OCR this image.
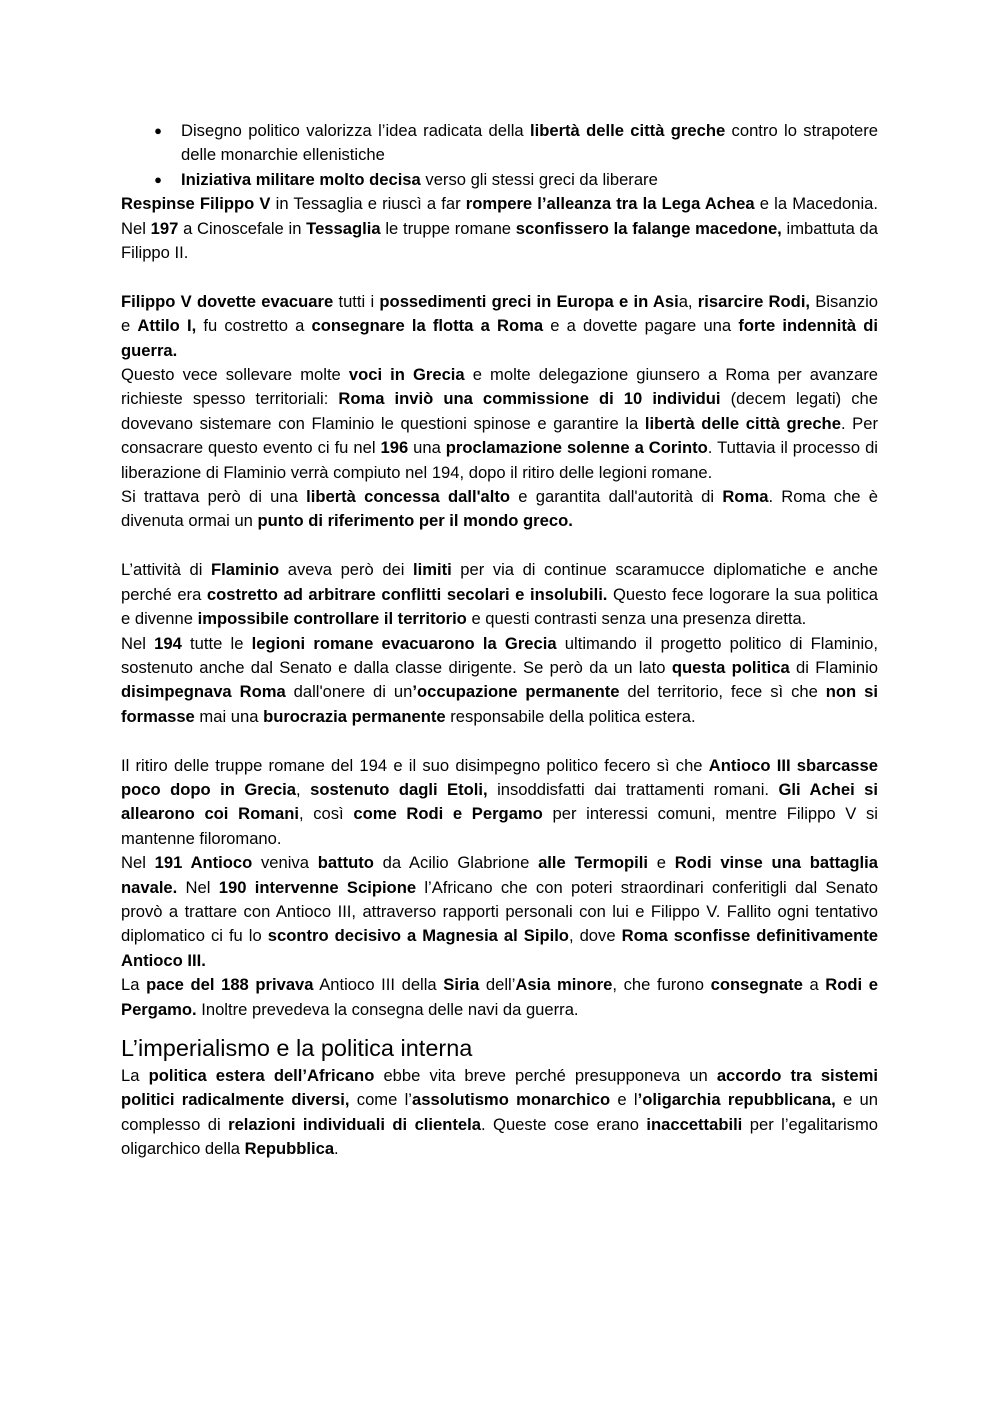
● Disegno politico valorizza l’idea radicata della libertà delle città greche contro lo strapotere delle monarchie ellenistiche
● Iniziativa militare molto decisa verso gli stessi greci da liberare

Respinse Filippo V in Tessaglia e riuscì a far rompere l’alleanza tra la Lega Achea e la Macedonia. Nel 197 a Cinoscefale in Tessaglia le truppe romane sconfissero la falange macedone, imbattuta da Filippo II.

Filippo V dovette evacuare tutti i possedimenti greci in Europa e in Asia, risarcire Rodi, Bisanzio e Attilo I, fu costretto a consegnare la flotta a Roma e a dovette pagare una forte indennità di guerra.

Questo vece sollevare molte voci in Grecia e molte delegazione giunsero a Roma per avanzare richieste spesso territoriali: Roma inviò una commissione di 10 individui (decem legati) che dovevano sistemare con Flaminio le questioni spinose e garantire la libertà delle città greche. Per consacrare questo evento ci fu nel 196 una proclamazione solenne a Corinto. Tuttavia il processo di liberazione di Flaminio verrà compiuto nel 194, dopo il ritiro delle legioni romane.

Si trattava però di una libertà concessa dall'alto e garantita dall'autorità di Roma. Roma che è divenuta ormai un punto di riferimento per il mondo greco.

L’attività di Flaminio aveva però dei limiti per via di continue scaramucce diplomatiche e anche perché era costretto ad arbitrare conflitti secolari e insolubili. Questo fece logorare la sua politica e divenne impossibile controllare il territorio e questi contrasti senza una presenza diretta.

Nel 194 tutte le legioni romane evacuarono la Grecia ultimando il progetto politico di Flaminio, sostenuto anche dal Senato e dalla classe dirigente. Se però da un lato questa politica di Flaminio disimpegnava Roma dall'onere di un’occupazione permanente del territorio, fece sì che non si formasse mai una burocrazia permanente responsabile della politica estera.

Il ritiro delle truppe romane del 194 e il suo disimpegno politico fecero sì che Antioco III sbarcasse poco dopo in Grecia, sostenuto dagli Etoli, insoddisfatti dai trattamenti romani. Gli Achei si allearono coi Romani, così come Rodi e Pergamo per interessi comuni, mentre Filippo V si mantenne filoromano.

Nel 191 Antioco veniva battuto da Acilio Glabrione alle Termopili e Rodi vinse una battaglia navale. Nel 190 intervenne Scipione l’Africano che con poteri straordinari conferitigli dal Senato provò a trattare con Antioco III, attraverso rapporti personali con lui e Filippo V. Fallito ogni tentativo diplomatico ci fu lo scontro decisivo a Magnesia al Sipilo, dove Roma sconfisse definitivamente Antioco III.

La pace del 188 privava Antioco III della Siria dell’Asia minore, che furono consegnate a Rodi e Pergamo. Inoltre prevedeva la consegna delle navi da guerra.

L’imperialismo e la politica interna

La politica estera dell’Africano ebbe vita breve perché presupponeva un accordo tra sistemi politici radicalmente diversi, come l’assolutismo monarchico e l’oligarchia repubblicana, e un complesso di relazioni individuali di clientela. Queste cose erano inaccettabili per l’egalitarismo oligarchico della Repubblica.
